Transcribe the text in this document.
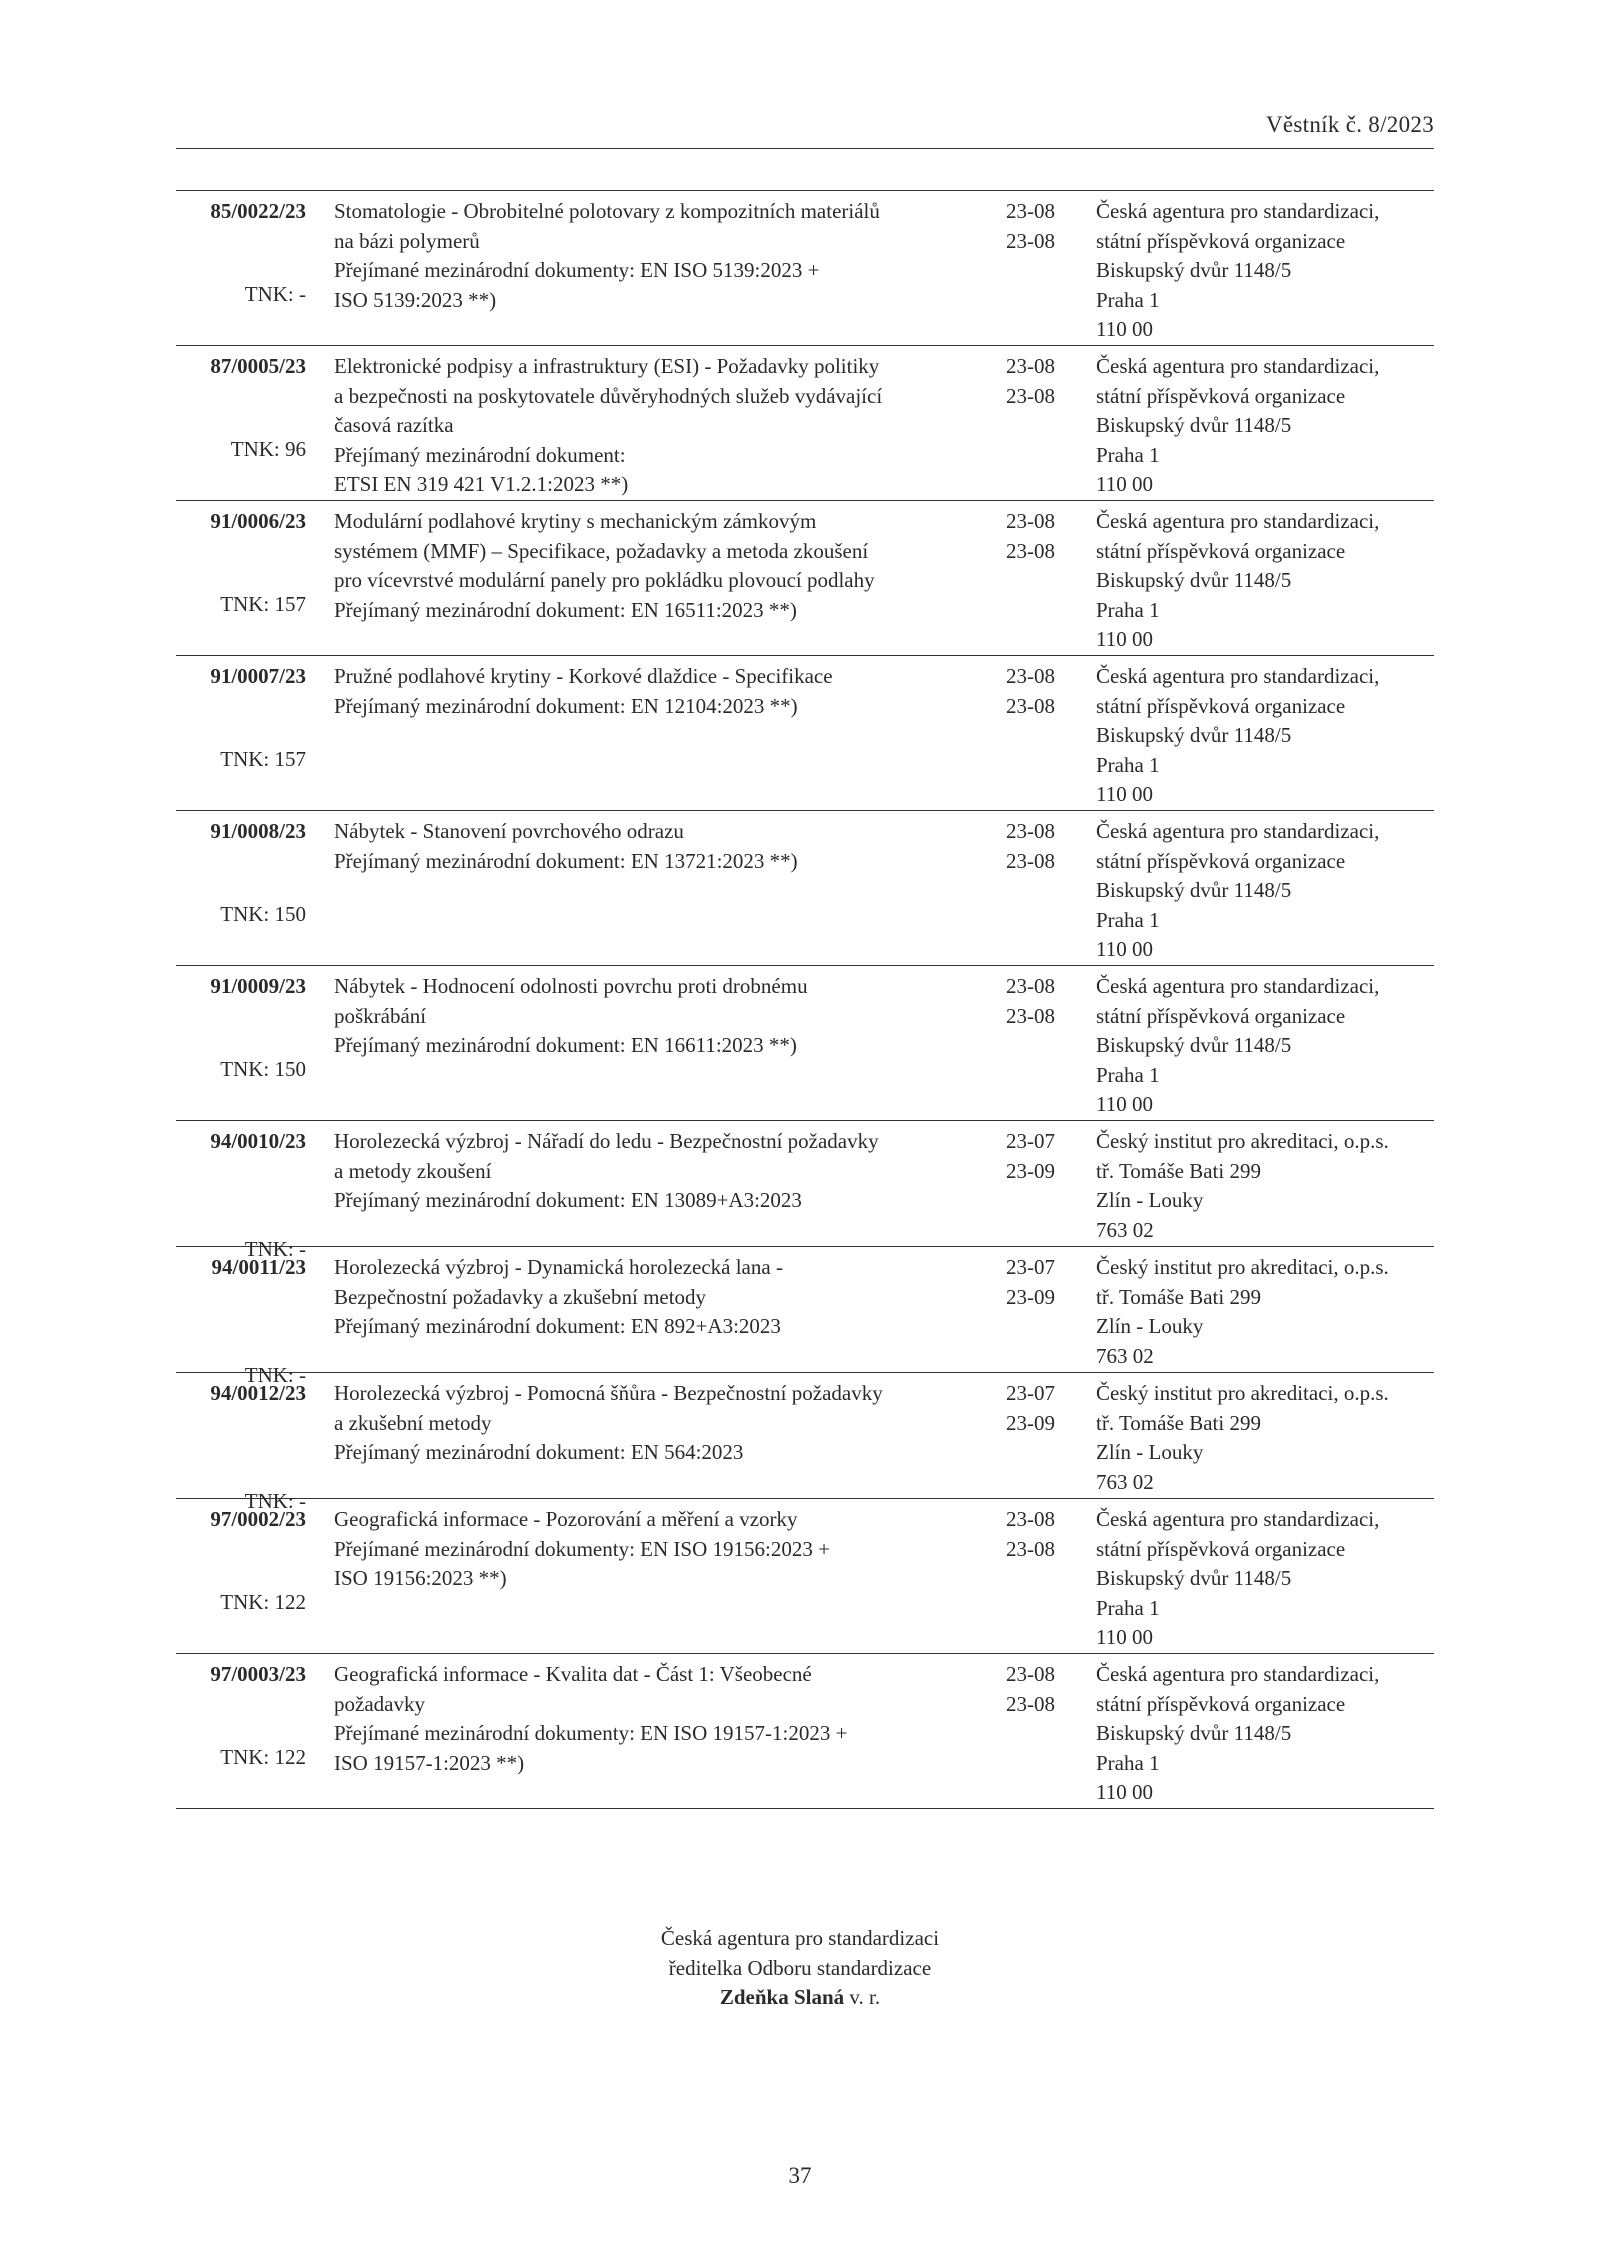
Věstník č. 8/2023
85/0022/23
TNK: -
Stomatologie - Obrobitelné polotovary z kompozitních materiálů
na bázi polymerů
Přejímané mezinárodní dokumenty: EN ISO 5139:2023 +
ISO 5139:2023 **)
23-08
23-08
Česká agentura pro standardizaci,
státní příspěvková organizace
Biskupský dvůr 1148/5
Praha 1
110 00
87/0005/23
TNK: 96
Elektronické podpisy a infrastruktury (ESI) - Požadavky politiky
a bezpečnosti na poskytovatele důvěryhodných služeb vydávající
časová razítka
Přejímaný mezinárodní dokument:
ETSI EN 319 421 V1.2.1:2023 **)
23-08
23-08
Česká agentura pro standardizaci,
státní příspěvková organizace
Biskupský dvůr 1148/5
Praha 1
110 00
91/0006/23
TNK: 157
Modulární podlahové krytiny s mechanickým zámkovým
systémem (MMF) – Specifikace, požadavky a metoda zkoušení
pro vícevrstvé modulární panely pro pokládku plovoucí podlahy
Přejímaný mezinárodní dokument: EN 16511:2023 **)
23-08
23-08
Česká agentura pro standardizaci,
státní příspěvková organizace
Biskupský dvůr 1148/5
Praha 1
110 00
91/0007/23
TNK: 157
Pružné podlahové krytiny - Korkové dlaždice - Specifikace
Přejímaný mezinárodní dokument: EN 12104:2023 **)
23-08
23-08
Česká agentura pro standardizaci,
státní příspěvková organizace
Biskupský dvůr 1148/5
Praha 1
110 00
91/0008/23
TNK: 150
Nábytek - Stanovení povrchového odrazu
Přejímaný mezinárodní dokument: EN 13721:2023 **)
23-08
23-08
Česká agentura pro standardizaci,
státní příspěvková organizace
Biskupský dvůr 1148/5
Praha 1
110 00
91/0009/23
TNK: 150
Nábytek - Hodnocení odolnosti povrchu proti drobnému
poškrábání
Přejímaný mezinárodní dokument: EN 16611:2023 **)
23-08
23-08
Česká agentura pro standardizaci,
státní příspěvková organizace
Biskupský dvůr 1148/5
Praha 1
110 00
94/0010/23
TNK: -
Horolezecká výzbroj - Nářadí do ledu - Bezpečnostní požadavky
a metody zkoušení
Přejímaný mezinárodní dokument: EN 13089+A3:2023
23-07
23-09
Český institut pro akreditaci, o.p.s.
tř. Tomáše Bati 299
Zlín - Louky
763 02
94/0011/23
TNK: -
Horolezecká výzbroj - Dynamická horolezecká lana -
Bezpečnostní požadavky a zkušební metody
Přejímaný mezinárodní dokument: EN 892+A3:2023
23-07
23-09
Český institut pro akreditaci, o.p.s.
tř. Tomáše Bati 299
Zlín - Louky
763 02
94/0012/23
TNK: -
Horolezecká výzbroj - Pomocná šňůra - Bezpečnostní požadavky
a zkušební metody
Přejímaný mezinárodní dokument: EN 564:2023
23-07
23-09
Český institut pro akreditaci, o.p.s.
tř. Tomáše Bati 299
Zlín - Louky
763 02
97/0002/23
TNK: 122
Geografická informace - Pozorování a měření a vzorky
Přejímané mezinárodní dokumenty: EN ISO 19156:2023 +
ISO 19156:2023 **)
23-08
23-08
Česká agentura pro standardizaci,
státní příspěvková organizace
Biskupský dvůr 1148/5
Praha 1
110 00
97/0003/23
TNK: 122
Geografická informace - Kvalita dat - Část 1: Všeobecné
požadavky
Přejímané mezinárodní dokumenty: EN ISO 19157-1:2023 +
ISO 19157-1:2023 **)
23-08
23-08
Česká agentura pro standardizaci,
státní příspěvková organizace
Biskupský dvůr 1148/5
Praha 1
110 00
Česká agentura pro standardizaci
ředitelka Odboru standardizace
Zdeňka Slaná v. r.
37
